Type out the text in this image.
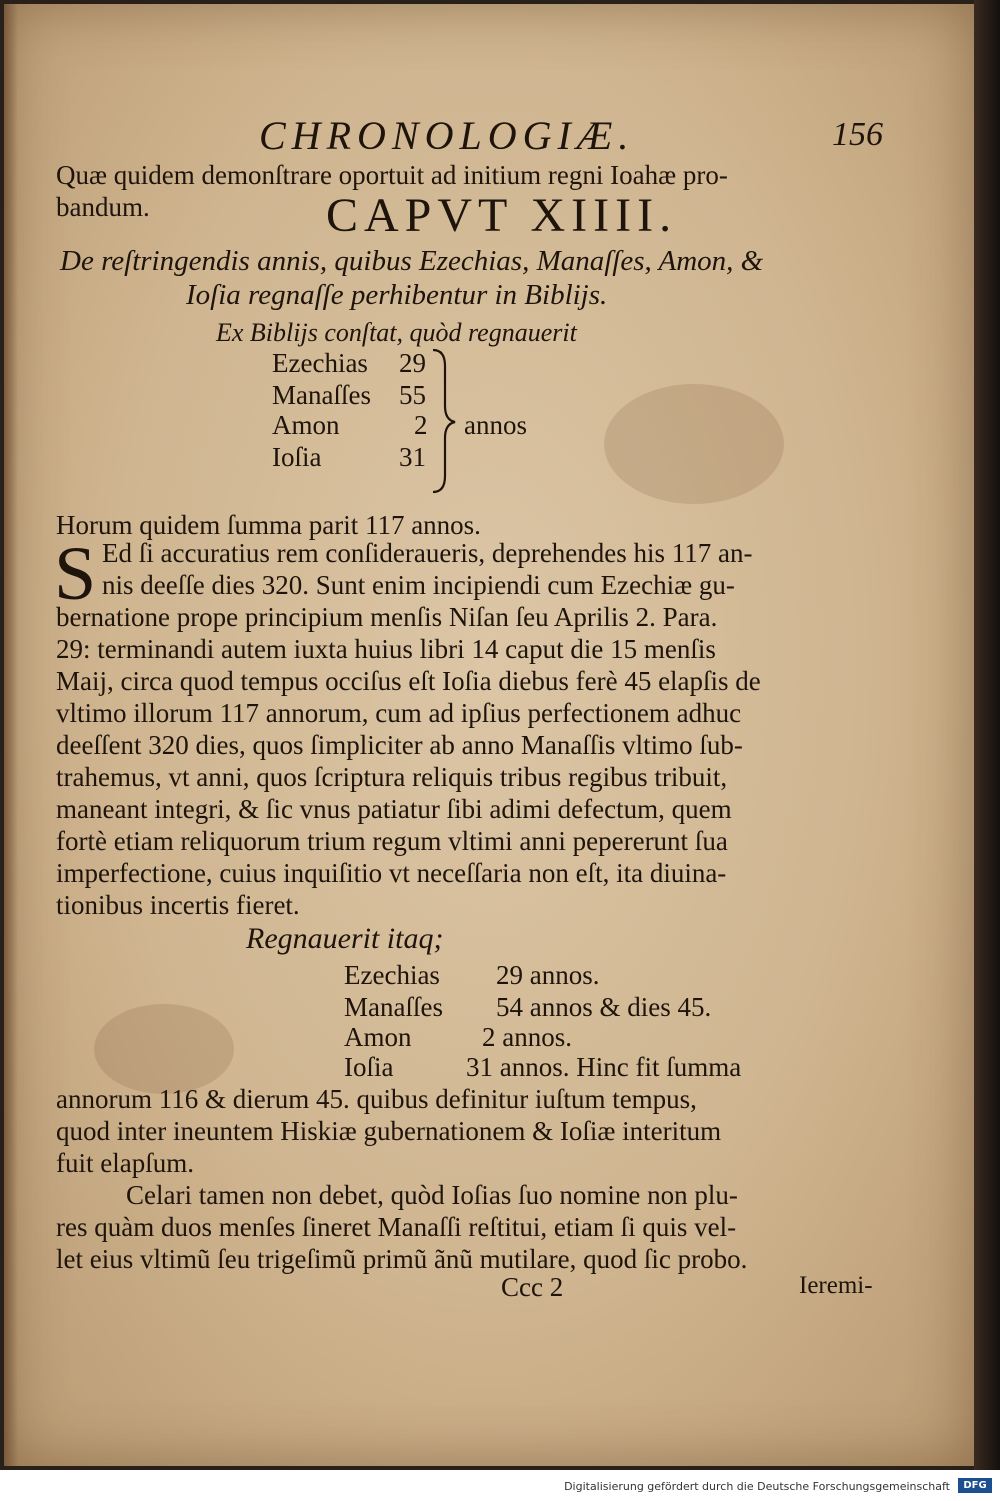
CHRONOLOGIÆ.	156
Quæ quidem demonſtrare oportuit ad initium regni Ioahæ pro-
bandum.	CAPVT XIIII.
De reſtringendis annis, quibus Ezechias, Manaſſes, Amon, &
Ioſia regnaſſe perhibentur in Biblijs.
Ex Biblijs conſtat, quòd regnauerit
Ezechias 29
Manaſſes 55
Amon	2
Ioſia	31
annos
Horum quidem ſumma parit 117 annos.
S Ed ſi accuratius rem conſideraueris, deprehendes his 117 an-
nis deeſſe dies 320. Sunt enim incipiendi cum Ezechiæ gu-
bernatione prope principium menſis Niſan ſeu Aprilis 2. Para.
29: terminandi autem iuxta huius libri 14 caput die 15 menſis
Maij, circa quod tempus occiſus eſt Ioſia diebus ferè 45 elapſis de
vltimo illorum 117 annorum, cum ad ipſius perfectionem adhuc
deeſſent 320 dies, quos ſimpliciter ab anno Manaſſis vltimo ſub-
trahemus, vt anni, quos ſcriptura reliquis tribus regibus tribuit,
maneant integri, & ſic vnus patiatur ſibi adimi defectum, quem
fortè etiam reliquorum trium regum vltimi anni pepererunt ſua
imperfectione, cuius inquiſitio vt neceſſaria non eſt, ita diuina-
tionibus incertis fieret.
Regnauerit itaq;
Ezechias 29 annos.
Manaſſes 54 annos & dies 45.
Amon	2 annos.
Ioſia	31 annos. Hinc fit ſumma
annorum 116 & dierum 45. quibus definitur iuſtum tempus,
quod inter ineuntem Hiskiæ gubernationem & Ioſiæ interitum
fuit elapſum.
Celari tamen non debet, quòd Ioſias ſuo nomine non plu-
res quàm duos menſes ſineret Manaſſi reſtitui, etiam ſi quis vel-
let eius vltimũ ſeu trigeſimũ primũ ãnũ mutilare, quod ſic probo.
Ccc 2	Ieremi-
Digitalisierung gefördert durch die Deutsche Forschungsgemeinschaft	DFG
